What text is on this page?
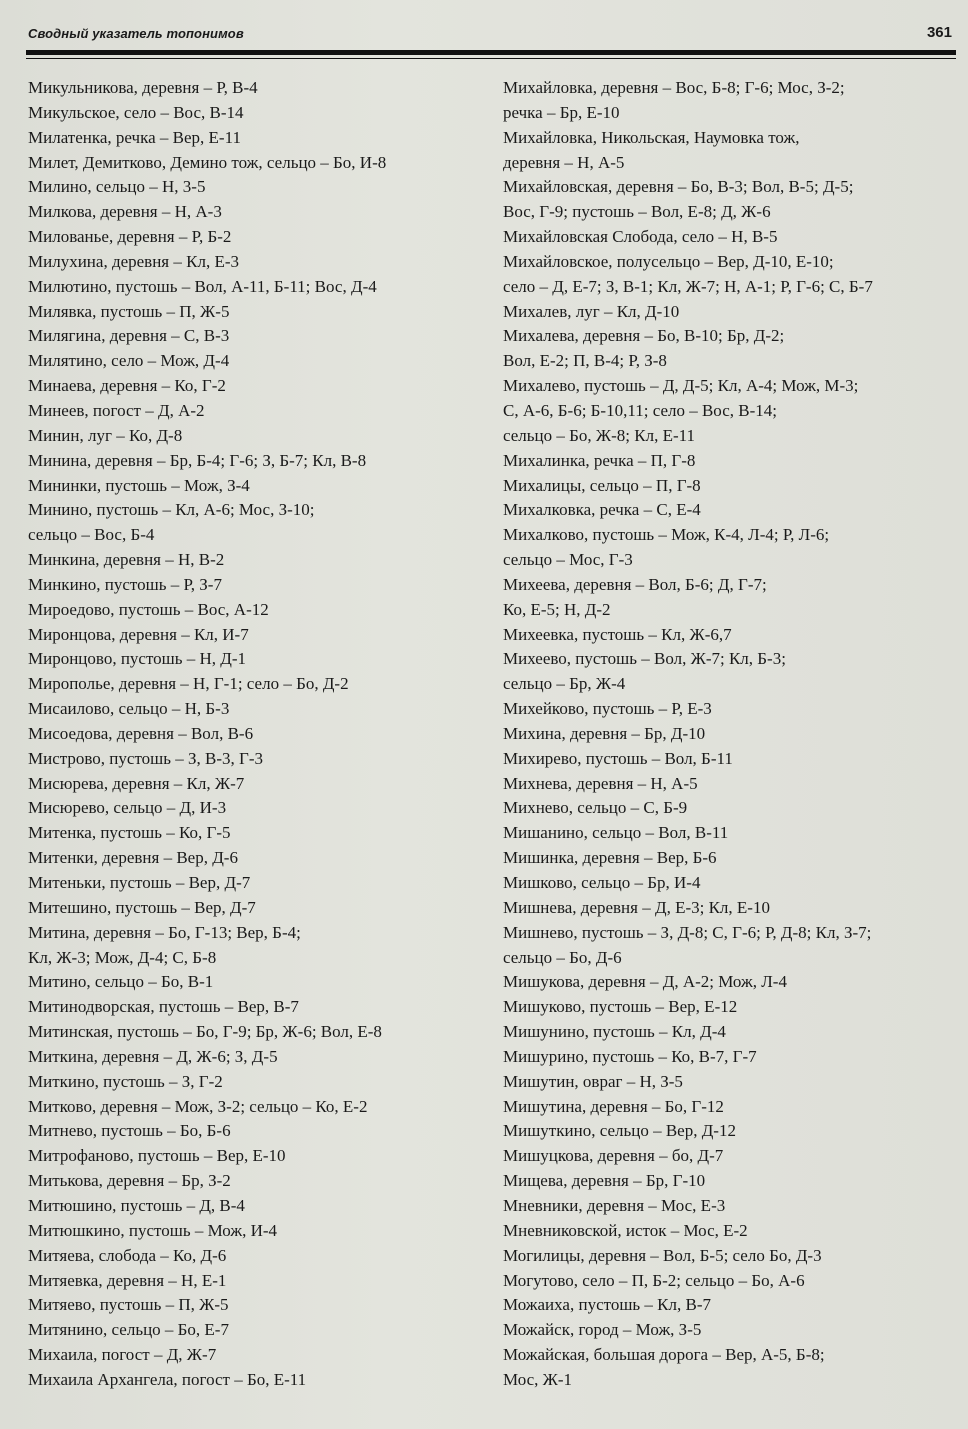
Сводный указатель топонимов	361
Микульникова, деревня – Р, В-4
Микульское, село – Вос, В-14
Милатенка, речка – Вер, Е-11
Милет, Демитково, Демино тож, сельцо – Бо, И-8
Милино, сельцо – Н, 3-5
Милкова, деревня – Н, А-3
Милованье, деревня – Р, Б-2
Милухина, деревня – Кл, Е-3
Милютино, пустошь – Вол, А-11, Б-11; Вос, Д-4
Милявка, пустошь – П, Ж-5
Милягина, деревня – С, В-3
Милятино, село – Мож, Д-4
Минаева, деревня – Ко, Г-2
Минеев, погост – Д, А-2
Минин, луг – Ко, Д-8
Минина, деревня – Бр, Б-4; Г-6; З, Б-7; Кл, В-8
Мининки, пустошь – Мож, З-4
Минино, пустошь – Кл, А-6; Мос, З-10;
сельцо – Вос, Б-4
Минкина, деревня – Н, В-2
Минкино, пустошь – Р, З-7
Мироедово, пустошь – Вос, А-12
Миронцова, деревня – Кл, И-7
Миронцово, пустошь – Н, Д-1
Миропольe, деревня – Н, Г-1; село – Бо, Д-2
Мисаилово, сельцо – Н, Б-3
Мисоедова, деревня – Вол, В-6
Мистрово, пустошь – З, В-3, Г-3
Мисюрева, деревня – Кл, Ж-7
Мисюрево, сельцо – Д, И-3
Митенка, пустошь – Ко, Г-5
Митенки, деревня – Вер, Д-6
Митеньки, пустошь – Вер, Д-7
Митешино, пустошь – Вер, Д-7
Митина, деревня – Бо, Г-13; Вер, Б-4;
Кл, Ж-3; Мож, Д-4; С, Б-8
Митино, сельцо – Бо, В-1
Митинодворская, пустошь – Вер, В-7
Митинская, пустошь – Бо, Г-9; Бр, Ж-6; Вол, Е-8
Миткина, деревня – Д, Ж-6; З, Д-5
Миткино, пустошь – З, Г-2
Митково, деревня – Мож, З-2; сельцо – Ко, Е-2
Митнево, пустошь – Бо, Б-6
Митрофаново, пустошь – Вер, Е-10
Митькова, деревня – Бр, З-2
Митюшино, пустошь – Д, В-4
Митюшкино, пустошь – Мож, И-4
Митяева, слобода – Ко, Д-6
Митяевка, деревня – Н, Е-1
Митяево, пустошь – П, Ж-5
Митянино, сельцо – Бо, Е-7
Михаила, погост – Д, Ж-7
Михаила Архангела, погост – Бо, Е-11
Михайловка, деревня – Вос, Б-8; Г-6; Мос, З-2;
речка – Бр, Е-10
Михайловка, Никольская, Наумовка тож,
деревня – Н, А-5
Михайловская, деревня – Бо, В-3; Вол, В-5; Д-5;
Вос, Г-9; пустошь – Вол, Е-8; Д, Ж-6
Михайловская Слобода, село – Н, В-5
Михайловское, полусельцо – Вер, Д-10, Е-10;
село – Д, Е-7; З, В-1; Кл, Ж-7; Н, А-1; Р, Г-6; С, Б-7
Михалев, луг – Кл, Д-10
Михалева, деревня – Бо, В-10; Бр, Д-2;
Вол, Е-2; П, В-4; Р, З-8
Михалево, пустошь – Д, Д-5; Кл, А-4; Мож, М-3;
С, А-6, Б-6; Б-10,11; село – Вос, В-14;
сельцо – Бо, Ж-8; Кл, Е-11
Михалинка, речка – П, Г-8
Михалицы, сельцо – П, Г-8
Михалковка, речка – С, Е-4
Михалково, пустошь – Мож, К-4, Л-4; Р, Л-6;
сельцо – Мос, Г-3
Михеева, деревня – Вол, Б-6; Д, Г-7;
Ко, Е-5; Н, Д-2
Михеевка, пустошь – Кл, Ж-6,7
Михеево, пустошь – Вол, Ж-7; Кл, Б-3;
сельцо – Бр, Ж-4
Михейково, пустошь – Р, Е-3
Михина, деревня – Бр, Д-10
Михирево, пустошь – Вол, Б-11
Михнева, деревня – Н, А-5
Михнево, сельцо – С, Б-9
Мишанино, сельцо – Вол, В-11
Мишинка, деревня – Вер, Б-6
Мишково, сельцо – Бр, И-4
Мишнева, деревня – Д, Е-3; Кл, Е-10
Мишнево, пустошь – З, Д-8; С, Г-6; Р, Д-8; Кл, З-7;
сельцо – Бо, Д-6
Мишукова, деревня – Д, А-2; Мож, Л-4
Мишуково, пустошь – Вер, Е-12
Мишунино, пустошь – Кл, Д-4
Мишурино, пустошь – Ко, В-7, Г-7
Мишутин, овраг – Н, З-5
Мишутина, деревня – Бо, Г-12
Мишуткино, сельцо – Вер, Д-12
Мишуцкова, деревня – бо, Д-7
Мищева, деревня – Бр, Г-10
Мневники, деревня – Мос, Е-3
Мневниковской, исток – Мос, Е-2
Могилицы, деревня – Вол, Б-5; село Бо, Д-3
Могутово, село – П, Б-2; сельцо – Бо, А-6
Можаиха, пустошь – Кл, В-7
Можайск, город – Мож, З-5
Можайская, большая дорога – Вер, А-5, Б-8;
Мос, Ж-1
